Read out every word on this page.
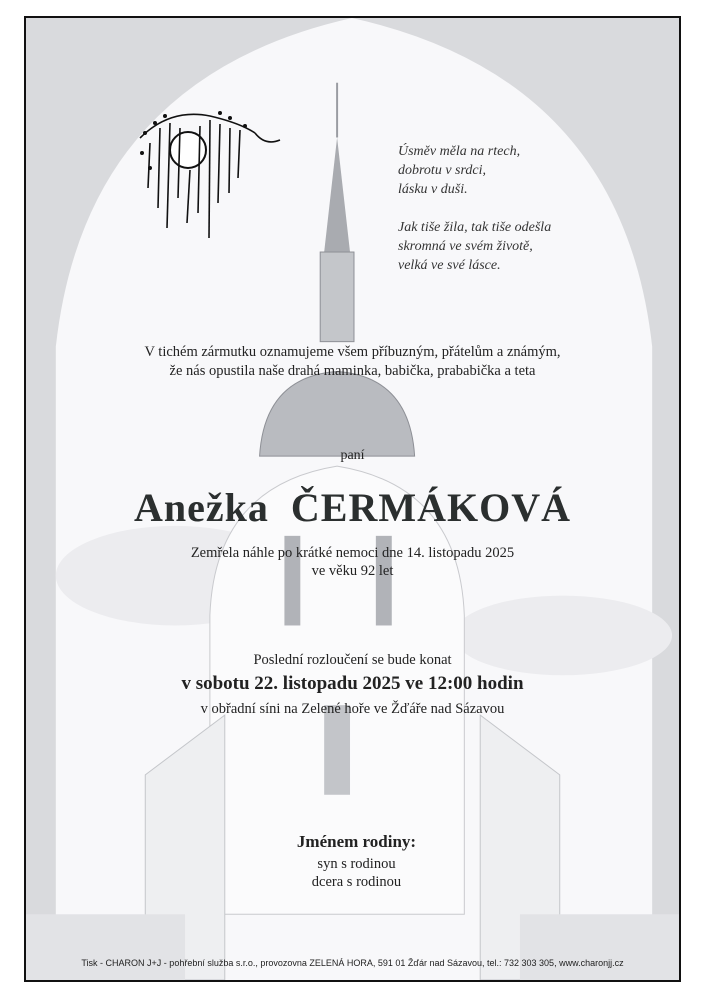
Úsměv měla na rtech,
dobrotu v srdci,
lásku v duši.
Jak tiše žila, tak tiše odešla
skromná ve svém životě,
velká ve své lásce.
V tichém zármutku oznamujeme všem příbuzným, přátelům a známým,
že nás opustila naše drahá maminka, babička, prababička a teta
paní
Anežka ČERMÁKOVÁ
Zemřela náhle po krátké nemoci dne 14. listopadu 2025
ve věku 92 let
Poslední rozloučení se bude konat
v sobotu 22. listopadu 2025 ve 12:00 hodin
v obřadní síni na Zelené hoře ve Žďáře nad Sázavou
Jménem rodiny:
syn s rodinou
dcera s rodinou
Tisk - CHARON J+J - pohřební služba s.r.o., provozovna ZELENÁ HORA, 591 01 Žďár nad Sázavou, tel.: 732 303 305, www.charonjj.cz
